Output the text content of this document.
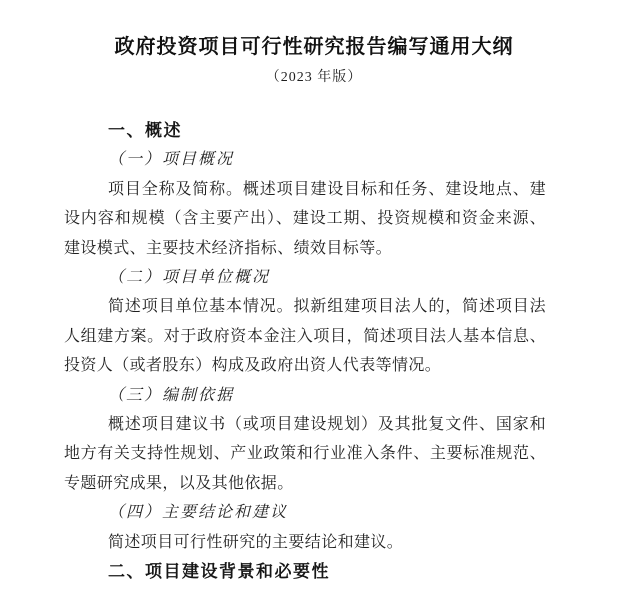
政府投资项目可行性研究报告编写通用大纲
（2023 年版）
一、概述
（一）项目概况
项目全称及简称。概述项目建设目标和任务、建设地点、建设内容和规模（含主要产出）、建设工期、投资规模和资金来源、建设模式、主要技术经济指标、绩效目标等。
（二）项目单位概况
简述项目单位基本情况。拟新组建项目法人的，简述项目法人组建方案。对于政府资本金注入项目，简述项目法人基本信息、投资人（或者股东）构成及政府出资人代表等情况。
（三）编制依据
概述项目建议书（或项目建设规划）及其批复文件、国家和地方有关支持性规划、产业政策和行业准入条件、主要标准规范、专题研究成果，以及其他依据。
（四）主要结论和建议
简述项目可行性研究的主要结论和建议。
二、项目建设背景和必要性
